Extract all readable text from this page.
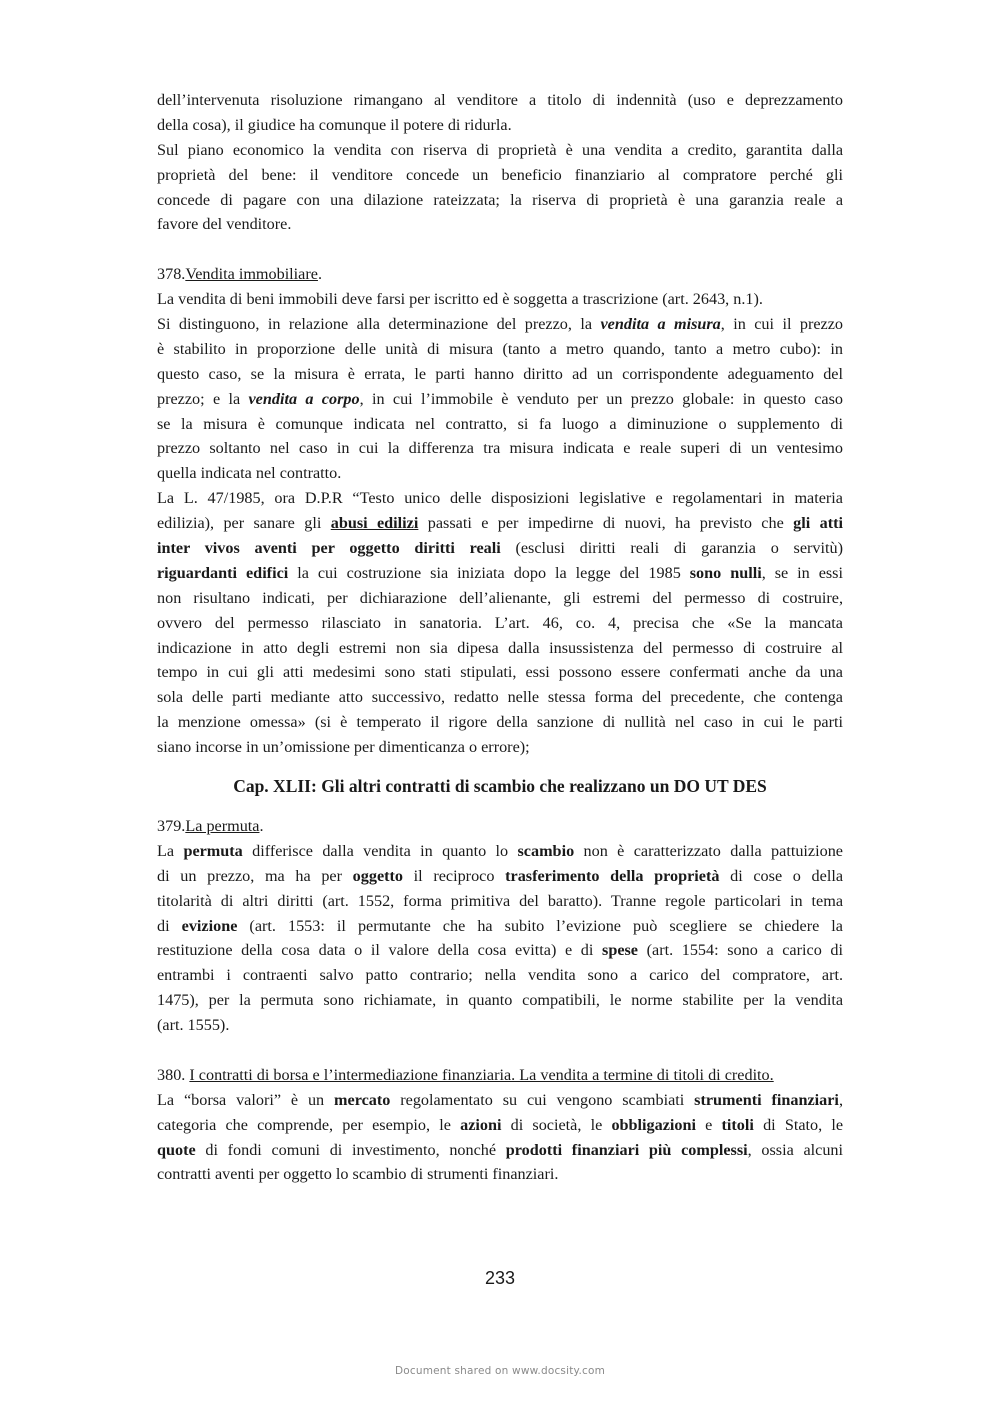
dell’intervenuta risoluzione rimangano al venditore a titolo di indennità (uso e deprezzamento
della cosa), il giudice ha comunque il potere di ridurla.
Sul piano economico la vendita con riserva di proprietà è una vendita a credito, garantita dalla
proprietà del bene: il venditore concede un beneficio finanziario al compratore perché gli
concede di pagare con una dilazione rateizzata; la riserva di proprietà è una garanzia reale a
favore del venditore.
378.Vendita immobiliare.
La vendita di beni immobili deve farsi per iscritto ed è soggetta a trascrizione (art. 2643, n.1).
Si distinguono, in relazione alla determinazione del prezzo, la vendita a misura, in cui il prezzo
è stabilito in proporzione delle unità di misura (tanto a metro quando, tanto a metro cubo): in
questo caso, se la misura è errata, le parti hanno diritto ad un corrispondente adeguamento del
prezzo; e la vendita a corpo, in cui l’immobile è venduto per un prezzo globale: in questo caso
se la misura è comunque indicata nel contratto, si fa luogo a diminuzione o supplemento di
prezzo soltanto nel caso in cui la differenza tra misura indicata e reale superi di un ventesimo
quella indicata nel contratto.
La L. 47/1985, ora D.P.R “Testo unico delle disposizioni legislative e regolamentari in materia
edilizia), per sanare gli abusi edilizi passati e per impedirne di nuovi, ha previsto che gli atti
inter vivos aventi per oggetto diritti reali (esclusi diritti reali di garanzia o servitù)
riguardanti edifici la cui costruzione sia iniziata dopo la legge del 1985 sono nulli, se in essi
non risultano indicati, per dichiarazione dell’alienante, gli estremi del permesso di costruire,
ovvero del permesso rilasciato in sanatoria. L’art. 46, co. 4, precisa che «Se la mancata
indicazione in atto degli estremi non sia dipesa dalla insussistenza del permesso di costruire al
tempo in cui gli atti medesimi sono stati stipulati, essi possono essere confermati anche da una
sola delle parti mediante atto successivo, redatto nelle stessa forma del precedente, che contenga
la menzione omessa» (si è temperato il rigore della sanzione di nullità nel caso in cui le parti
siano incorse in un’omissione per dimenticanza o errore);
Cap. XLII: Gli altri contratti di scambio che realizzano un DO UT DES
379.La permuta.
La permuta differisce dalla vendita in quanto lo scambio non è caratterizzato dalla pattuizione
di un prezzo, ma ha per oggetto il reciproco trasferimento della proprietà di cose o della
titolarità di altri diritti (art. 1552, forma primitiva del baratto). Tranne regole particolari in tema
di evizione (art. 1553: il permutante che ha subito l’evizione può scegliere se chiedere la
restituzione della cosa data o il valore della cosa evitta) e di spese (art. 1554: sono a carico di
entrambi i contraenti salvo patto contrario; nella vendita sono a carico del compratore, art.
1475), per la permuta sono richiamate, in quanto compatibili, le norme stabilite per la vendita
(art. 1555).
380. I contratti di borsa e l’intermediazione finanziaria. La vendita a termine di titoli di credito.
La “borsa valori” è un mercato regolamentato su cui vengono scambiati strumenti finanziari,
categoria che comprende, per esempio, le azioni di società, le obbligazioni e titoli di Stato, le
quote di fondi comuni di investimento, nonché prodotti finanziari più complessi, ossia alcuni
contratti aventi per oggetto lo scambio di strumenti finanziari.
233
Document shared on www.docsity.com
